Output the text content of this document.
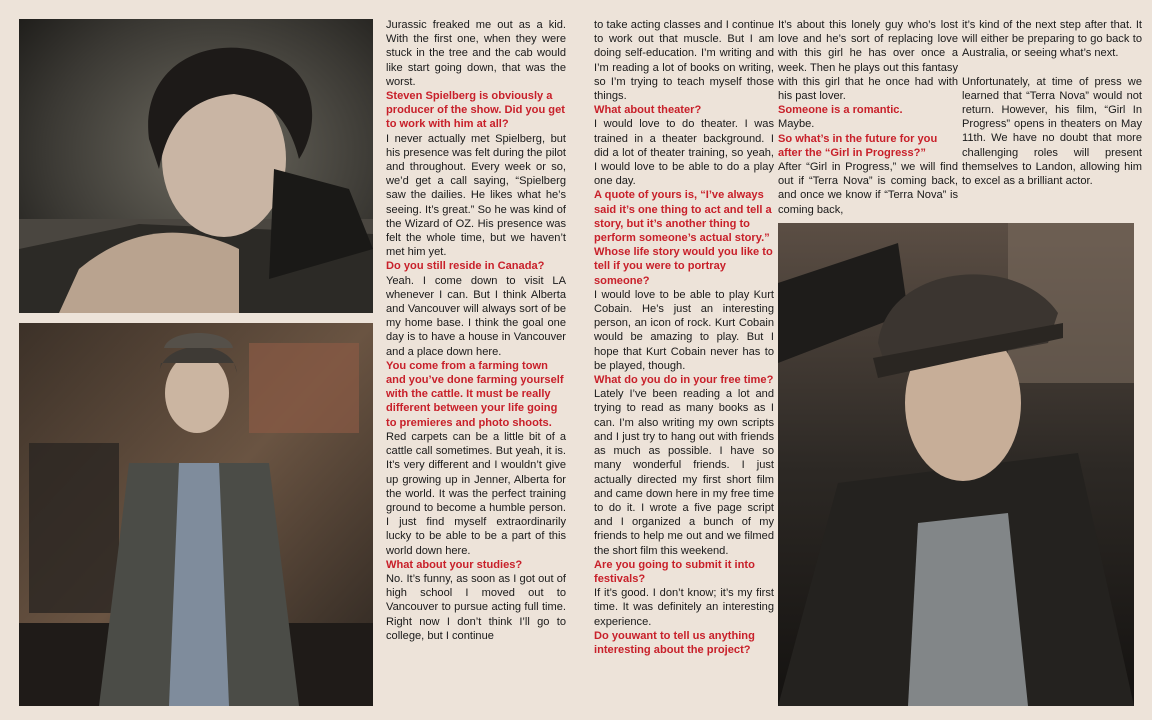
Jurassic freaked me out as a kid. With the first one, when they were stuck in the tree and the cab would like start going down, that was the worst.

Steven Spielberg is obviously a producer of the show. Did you get to work with him at all?

I never actually met Spielberg, but his presence was felt during the pilot and throughout. Every week or so, we’d get a call saying, “Spielberg saw the dailies. He likes what he’s seeing. It’s great.” So he was kind of the Wizard of OZ. His presence was felt the whole time, but we haven’t met him yet.

Do you still reside in Canada?

Yeah. I come down to visit LA whenever I can. But I think Alberta and Vancouver will always sort of be my home base. I think the goal one day is to have a house in Vancouver and a place down here.

You come from a farming town and you’ve done farming yourself with the cattle. It must be really different between your life going to premieres and photo shoots.

Red carpets can be a little bit of a cattle call sometimes. But yeah, it is. It’s very different and I wouldn’t give up growing up in Jenner, Alberta for the world. It was the perfect training ground to become a humble person. I just find myself extraordinarily lucky to be able to be a part of this world down here.

What about your studies?

No. It’s funny, as soon as I got out of high school I moved out to Vancouver to pursue acting full time. Right now I don’t think I’ll go to college, but I continue

to take acting classes and I continue to work out that muscle. But I am doing self-education. I’m writing and I’m reading a lot of books on writing, so I’m trying to teach myself those things.

What about theater?

I would love to do theater. I was trained in a theater background. I did a lot of theater training, so yeah, I would love to be able to do a play one day.

A quote of yours is, “I’ve always said it’s one thing to act and tell a story, but it’s another thing to perform someone’s actual story.” Whose life story would you like to tell if you were to portray someone?

I would love to be able to play Kurt Cobain. He’s just an interesting person, an icon of rock. Kurt Cobain would be amazing to play. But I hope that Kurt Cobain never has to be played, though.

What do you do in your free time?

Lately I’ve been reading a lot and trying to read as many books as I can. I’m also writing my own scripts and I just try to hang out with friends as much as possible. I have so many wonderful friends. I just actually directed my first short film and came down here in my free time to do it. I wrote a five page script and I organized a bunch of my friends to help me out and we filmed the short film this weekend.

Are you going to submit it into festivals?

If it’s good. I don’t know; it’s my first time. It was definitely an interesting experience.

Do youwant to tell us anything interesting about the project?

It’s about this lonely guy who’s lost love and he’s sort of replacing love with this girl he has over once a week. Then he plays out this fantasy with this girl that he once had with his past lover.

Someone is a romantic.

Maybe.

So what’s in the future for you after the “Girl in Progress?”

After “Girl in Progress,” we will find out if “Terra Nova” is coming back, and once we know if “Terra Nova” is coming back,

it’s kind of the next step after that. It will either be preparing to go back to Australia, or seeing what’s next.

Unfortunately, at time of press we learned that “Terra Nova” would not return. However, his film, “Girl In Progress” opens in theaters on May 11th. We have no doubt that more challenging roles will present themselves to Landon, allowing him to excel as a brilliant actor.
